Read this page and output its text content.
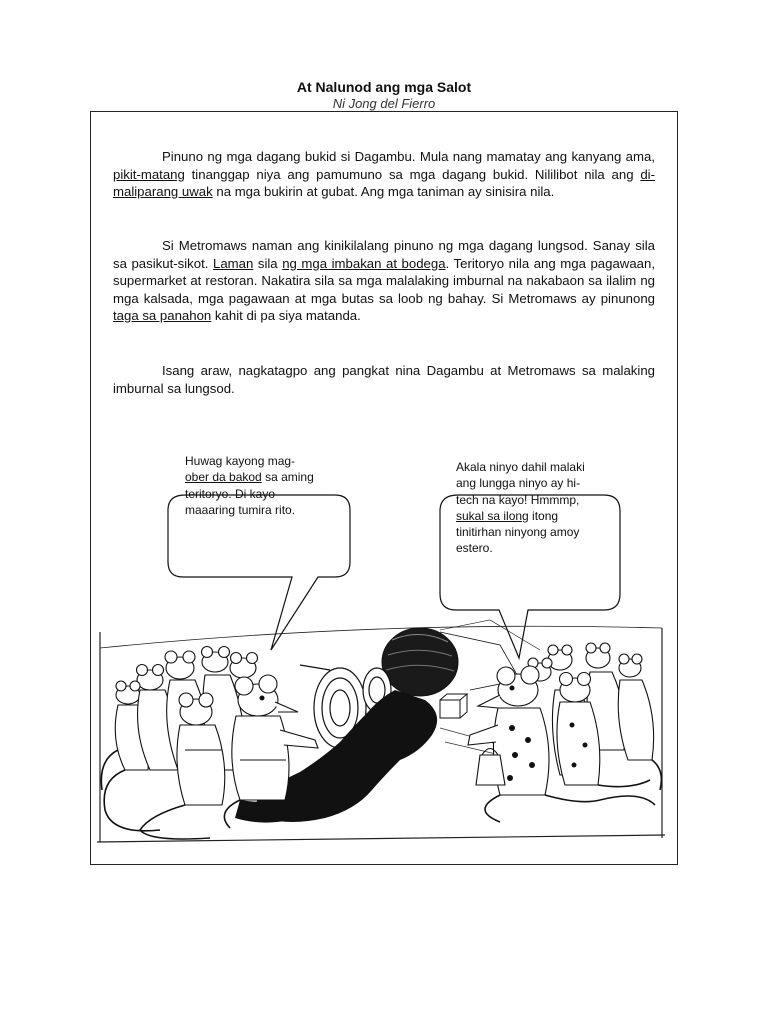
At Nalunod ang mga Salot
Ni Jong del Fierro

Pinuno ng mga dagang bukid si Dagambu. Mula nang mamatay ang kanyang ama, pikit-matang tinanggap niya ang pamumuno sa mga dagang bukid. Nililibot nila ang di-maliparang uwak na mga bukirin at gubat. Ang mga taniman ay sinisira nila.

Si Metromaws naman ang kinikilalang pinuno ng mga dagang lungsod. Sanay sila sa pasikut-sikot. Laman sila ng mga imbakan at bodega. Teritoryo nila ang mga pagawaan, supermarket at restoran. Nakatira sila sa mga malalaking imburnal na nakabaon sa ilalim ng mga kalsada, mga pagawaan at mga butas sa loob ng bahay. Si Metromaws ay pinunong taga sa panahon kahit di pa siya matanda.

Isang araw, nagkatagpo ang pangkat nina Dagambu at Metromaws sa malaking imburnal sa lungsod.

Huwag kayong mag-
ober da bakod sa aming
teritoryo. Di kayo
maaaring tumira rito.
Akala ninyo dahil malaki
ang lungga ninyo ay hi-
tech na kayo! Hmmmp,
sukal sa ilong itong
tinitirhan ninyong amoy
estero.
